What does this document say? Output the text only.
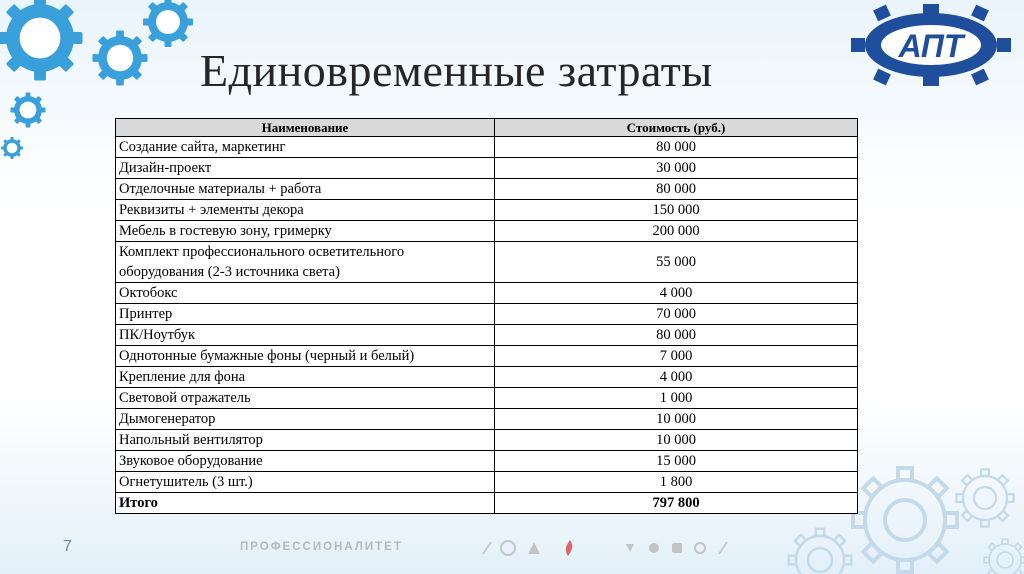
АПТ
Единовременные затраты
Наименование	Стоимость (руб.)
Создание сайта, маркетинг	80 000
Дизайн-проект	30 000
Отделочные материалы + работа	80 000
Реквизиты + элементы декора	150 000
Мебель в гостевую зону, гримерку	200 000
Комплект профессионального осветительного оборудования (2-3 источника света)	55 000
Октобокс	4 000
Принтер	70 000
ПК/Ноутбук	80 000
Однотонные бумажные фоны (черный и белый)	7 000
Крепление для фона	4 000
Световой отражатель	1 000
Дымогенератор	10 000
Напольный вентилятор	10 000
Звуковое оборудование	15 000
Огнетушитель (3 шт.)	1 800
Итого	797 800
7	ПРОФЕССИОНАЛИТЕТ
